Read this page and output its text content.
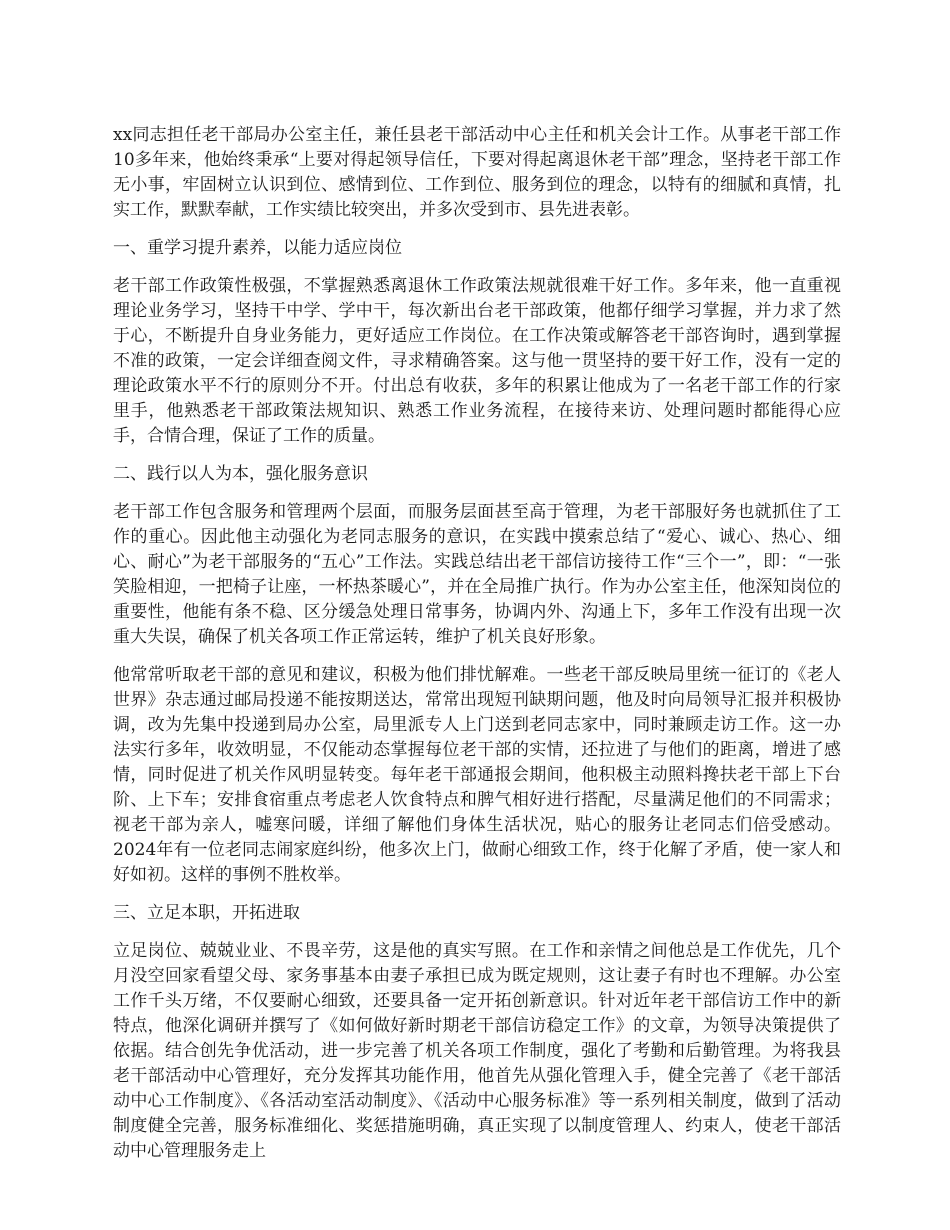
xx同志担任老干部局办公室主任，兼任县老干部活动中心主任和机关会计工作。从事老干部工作10多年来，他始终秉承“上要对得起领导信任，下要对得起离退休老干部”理念，坚持老干部工作无小事，牢固树立认识到位、感情到位、工作到位、服务到位的理念，以特有的细腻和真情，扎实工作，默默奉献，工作实绩比较突出，并多次受到市、县先进表彰。

一、重学习提升素养，以能力适应岗位

老干部工作政策性极强，不掌握熟悉离退休工作政策法规就很难干好工作。多年来，他一直重视理论业务学习，坚持干中学、学中干，每次新出台老干部政策，他都仔细学习掌握，并力求了然于心，不断提升自身业务能力，更好适应工作岗位。在工作决策或解答老干部咨询时，遇到掌握不准的政策，一定会详细查阅文件，寻求精确答案。这与他一贯坚持的要干好工作，没有一定的理论政策水平不行的原则分不开。付出总有收获，多年的积累让他成为了一名老干部工作的行家里手，他熟悉老干部政策法规知识、熟悉工作业务流程，在接待来访、处理问题时都能得心应手，合情合理，保证了工作的质量。

二、践行以人为本，强化服务意识

老干部工作包含服务和管理两个层面，而服务层面甚至高于管理，为老干部服好务也就抓住了工作的重心。因此他主动强化为老同志服务的意识，在实践中摸索总结了“爱心、诚心、热心、细心、耐心”为老干部服务的“五心”工作法。实践总结出老干部信访接待工作“三个一”，即：“一张笑脸相迎，一把椅子让座，一杯热茶暖心”，并在全局推广执行。作为办公室主任，他深知岗位的重要性，他能有条不稳、区分缓急处理日常事务，协调内外、沟通上下，多年工作没有出现一次重大失误，确保了机关各项工作正常运转，维护了机关良好形象。

他常常听取老干部的意见和建议，积极为他们排忧解难。一些老干部反映局里统一征订的《老人世界》杂志通过邮局投递不能按期送达，常常出现短刊缺期问题，他及时向局领导汇报并积极协调，改为先集中投递到局办公室，局里派专人上门送到老同志家中，同时兼顾走访工作。这一办法实行多年，收效明显，不仅能动态掌握每位老干部的实情，还拉进了与他们的距离，增进了感情，同时促进了机关作风明显转变。每年老干部通报会期间，他积极主动照料搀扶老干部上下台阶、上下车；安排食宿重点考虑老人饮食特点和脾气相好进行搭配，尽量满足他们的不同需求；视老干部为亲人，嘘寒问暖，详细了解他们身体生活状况，贴心的服务让老同志们倍受感动。2024年有一位老同志闹家庭纠纷，他多次上门，做耐心细致工作，终于化解了矛盾，使一家人和好如初。这样的事例不胜枚举。

三、立足本职，开拓进取

立足岗位、兢兢业业、不畏辛劳，这是他的真实写照。在工作和亲情之间他总是工作优先，几个月没空回家看望父母、家务事基本由妻子承担已成为既定规则，这让妻子有时也不理解。办公室工作千头万绪，不仅要耐心细致，还要具备一定开拓创新意识。针对近年老干部信访工作中的新特点，他深化调研并撰写了《如何做好新时期老干部信访稳定工作》的文章，为领导决策提供了依据。结合创先争优活动，进一步完善了机关各项工作制度，强化了考勤和后勤管理。为将我县老干部活动中心管理好，充分发挥其功能作用，他首先从强化管理入手，健全完善了《老干部活动中心工作制度》、《各活动室活动制度》、《活动中心服务标准》等一系列相关制度，做到了活动制度健全完善，服务标准细化、奖惩措施明确，真正实现了以制度管理人、约束人，使老干部活动中心管理服务走上
